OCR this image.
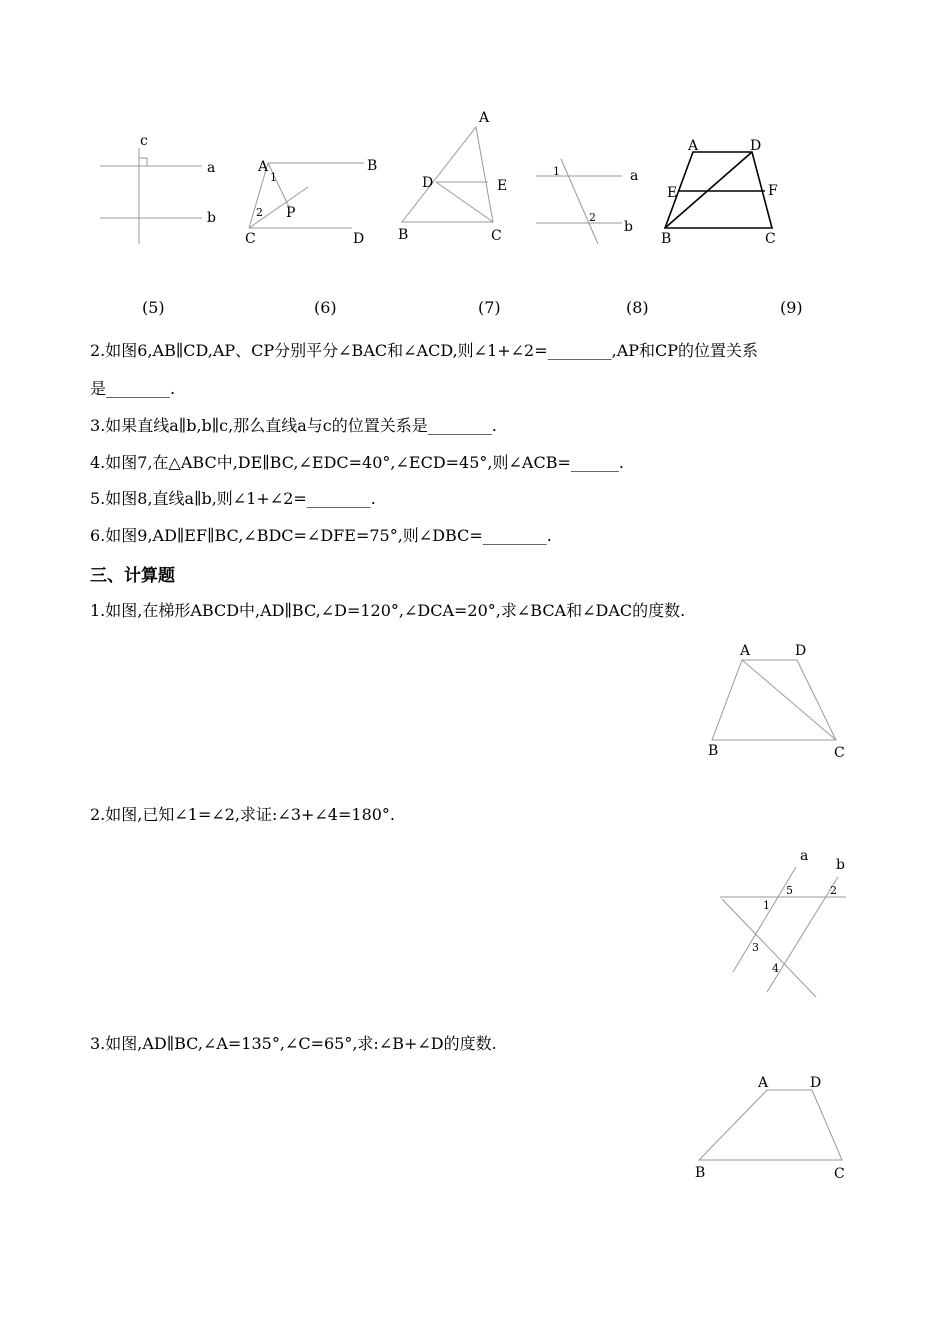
c
a
b
A	B
C	D
P
1
2
A
B	C
D	E
a
b
1
2
A	D
E	F
B	C
A	D
B	C
a
b
1
2
3
4
5
A	D
B	C
(5)	(6)	(7)	(8)	(9)
2.如图6,AB∥CD,AP、CP分别平分∠BAC和∠ACD,则∠1+∠2=________,AP和CP的位置关系
是________.
3.如果直线a∥b,b∥c,那么直线a与c的位置关系是________.
4.如图7,在△ABC中,DE∥BC,∠EDC=40°,∠ECD=45°,则∠ACB=______.
5.如图8,直线a∥b,则∠1+∠2=________.
6.如图9,AD∥EF∥BC,∠BDC=∠DFE=75°,则∠DBC=________.
三、计算题
1.如图,在梯形ABCD中,AD∥BC,∠D=120°,∠DCA=20°,求∠BCA和∠DAC的度数.
2.如图,已知∠1=∠2,求证:∠3+∠4=180°.
3.如图,AD∥BC,∠A=135°,∠C=65°,求:∠B+∠D的度数.
